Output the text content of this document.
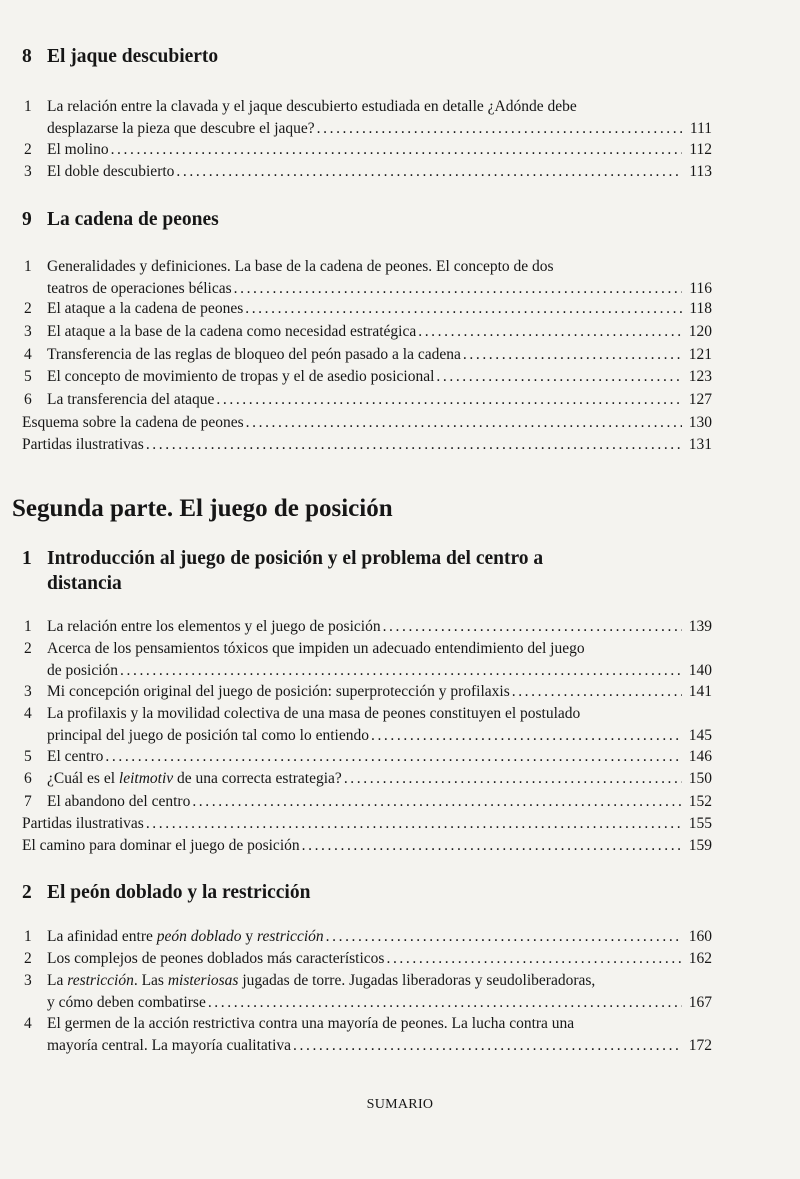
8 El jaque descubierto
1 La relación entre la clavada y el jaque descubierto estudiada en detalle ¿Adónde debe
desplazarse la pieza que descubre el jaque? .....	111
2 El molino .....	112
3 El doble descubierto .....	113
9 La cadena de peones
1 Generalidades y definiciones. La base de la cadena de peones. El concepto de dos
teatros de operaciones bélicas .....	116
2 El ataque a la cadena de peones .....	118
3 El ataque a la base de la cadena como necesidad estratégica .....	120
4 Transferencia de las reglas de bloqueo del peón pasado a la cadena .....	121
5 El concepto de movimiento de tropas y el de asedio posicional .....	123
6 La transferencia del ataque .....	127
Esquema sobre la cadena de peones .....	130
Partidas ilustrativas .....	131
Segunda parte. El juego de posición
1 Introducción al juego de posición y el problema del centro a
distancia
1 La relación entre los elementos y el juego de posición .....	139
2 Acerca de los pensamientos tóxicos que impiden un adecuado entendimiento del juego
de posición .....	140
3 Mi concepción original del juego de posición: superprotección y profilaxis .....	141
4 La profilaxis y la movilidad colectiva de una masa de peones constituyen el postulado
principal del juego de posición tal como lo entiendo .....	145
5 El centro .....	146
6 ¿Cuál es el leitmotiv de una correcta estrategia? .....	150
7 El abandono del centro .....	152
Partidas ilustrativas .....	155
El camino para dominar el juego de posición .....	159
2 El peón doblado y la restricción
1 La afinidad entre peón doblado y restricción .....	160
2 Los complejos de peones doblados más característicos .....	162
3 La restricción. Las misteriosas jugadas de torre. Jugadas liberadoras y seudoliberadoras,
y cómo deben combatirse .....	167
4 El germen de la acción restrictiva contra una mayoría de peones. La lucha contra una
mayoría central. La mayoría cualitativa .....	172
SUMARIO
